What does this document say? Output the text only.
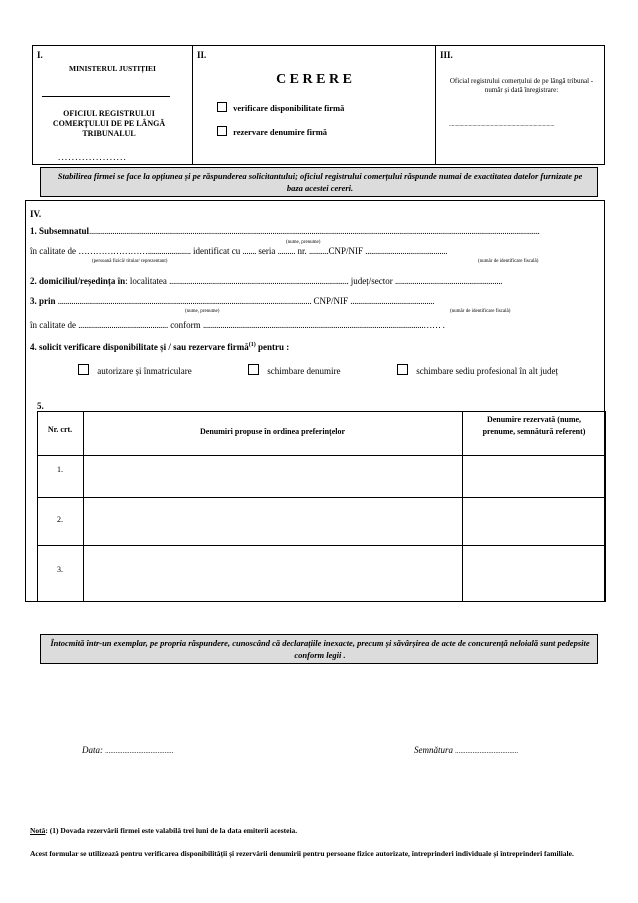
I.
MINISTERUL JUSTIȚIEI
OFICIUL REGISTRULUI COMERȚULUI DE PE LÂNGĂ TRIBUNALUL
....................
II.
C E R E R E
verificare disponibilitate firmă
rezervare denumire firmă
III.
Oficial registrului comerțului de pe lângă tribunal - număr și dată înregistrare:
.................................................................................
Stabilirea firmei se face la opțiunea și pe răspunderea solicitantului; oficiul registrului comerțului răspunde numai de exactitatea datelor furnizate pe baza acestei cereri.
IV.
1. Subsemnatul.......................................................................................................................................................................................................................................
(nume, prenume)
în calitate de ……………………...................... identificat cu ....... seria ......... nr. ..........CNP/NIF ..........................................
(persoană fizică/ titular/ reprezentant)	(număr de identificare fiscală)
2. domiciliul/reședința în: localitatea ............................................................................................ județ/sector .......................................................
3. prin .................................................................................................................................. CNP/NIF ...........................................
(nume, prenume)	(număr de identificare fiscală)
în calitate de .............................................. conform .................................................................................................................…… .
4. solicit verificare disponibilitate și / sau rezervare firmă$^{(1)}$ pentru :
autorizare și înmatriculare	schimbare denumire	schimbare sediu profesional în alt județ
5.
Nr. crt.	Denumiri propuse în ordinea preferințelor
Denumire rezervată (nume, prenume, semnătură referent)
1.
2.
3.
Întocmită într-un exemplar, pe propria răspundere, cunoscând că declarațiile inexacte, precum și săvârșirea de acte de concurență neloială sunt pedepsite conform legii .
Data: .......................................	Semnătura ....................................
Notă: (1) Dovada rezervării firmei este valabilă trei luni de la data emiterii acesteia.
Acest formular se utilizează pentru verificarea disponibilității și rezervării denumirii pentru persoane fizice autorizate, întreprinderi individuale și întreprinderi familiale.
